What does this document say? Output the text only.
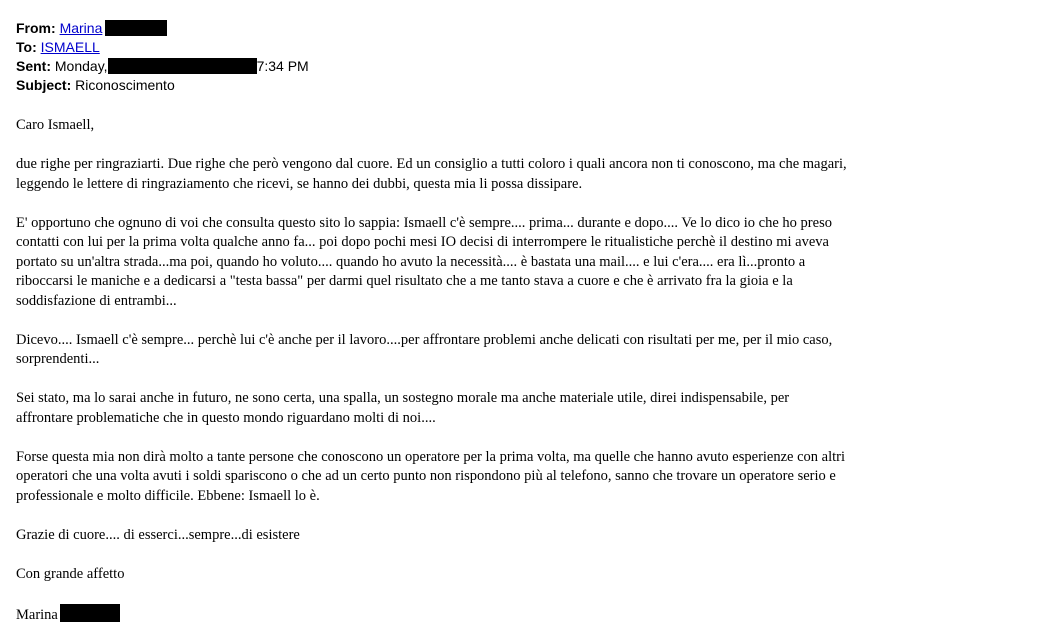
From: Marina
To: ISMAELL
Sent: Monday,	7:34 PM
Subject: Riconoscimento

Caro Ismaell,

due righe per ringraziarti. Due righe che però vengono dal cuore. Ed un consiglio a tutti coloro i quali ancora non ti conoscono, ma che magari,
leggendo le lettere di ringraziamento che ricevi, se hanno dei dubbi, questa mia li possa dissipare.

E' opportuno che ognuno di voi che consulta questo sito lo sappia: Ismaell c'è sempre.... prima... durante e dopo.... Ve lo dico io che ho preso
contatti con lui per la prima volta qualche anno fa... poi dopo pochi mesi IO decisi di interrompere le ritualistiche perchè il destino mi aveva
portato su un'altra strada...ma poi, quando ho voluto.... quando ho avuto la necessità.... è bastata una mail.... e lui c'era.... era lì...pronto a
riboccarsi le maniche e a dedicarsi a "testa bassa" per darmi quel risultato che a me tanto stava a cuore e che è arrivato fra la gioia e la
soddisfazione di entrambi...

Dicevo.... Ismaell c'è sempre... perchè lui c'è anche per il lavoro....per affrontare problemi anche delicati con risultati per me, per il mio caso,
sorprendenti...

Sei stato, ma lo sarai anche in futuro, ne sono certa, una spalla, un sostegno morale ma anche materiale utile, direi indispensabile, per
affrontare problematiche che in questo mondo riguardano molti di noi....

Forse questa mia non dirà molto a tante persone che conoscono un operatore per la prima volta, ma quelle che hanno avuto esperienze con altri
operatori che una volta avuti i soldi spariscono o che ad un certo punto non rispondono più al telefono, sanno che trovare un operatore serio e
professionale e molto difficile. Ebbene: Ismaell lo è.

Grazie di cuore.... di esserci...sempre...di esistere

Con grande affetto

Marina
